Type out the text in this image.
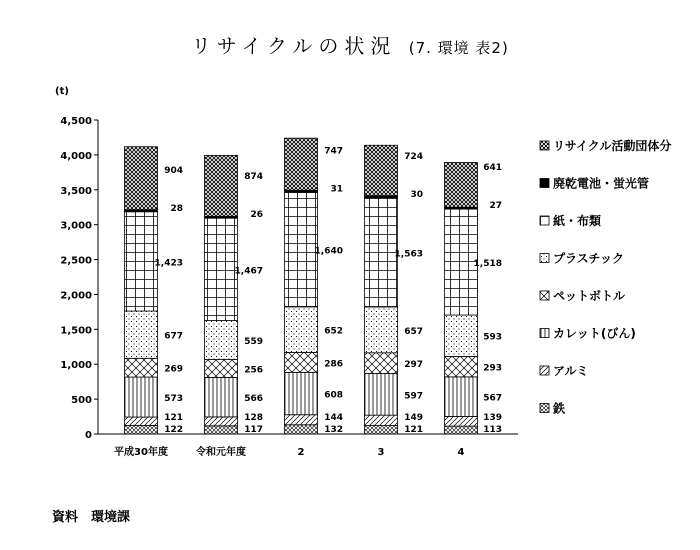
リサイクルの状況 (7. 環境 表2)
(t)
0
500
1,000
1,500
2,000
2,500
3,000
3,500
4,000
4,500
122
121
573
269
677
1,423
28
904
117
128
566
256
559
1,467
26
874
132
144
608
286
652
1,640
31
747
121
149
597
297
657
1,563
30
724
113
139
567
293
593
1,518
27
641
平成30年度	令和元年度	2	3	4
リサイクル活動団体分
廃乾電池・蛍光管
紙・布類
プラスチック
ペットボトル
カレット(びん)
アルミ
鉄
資料　環境課
